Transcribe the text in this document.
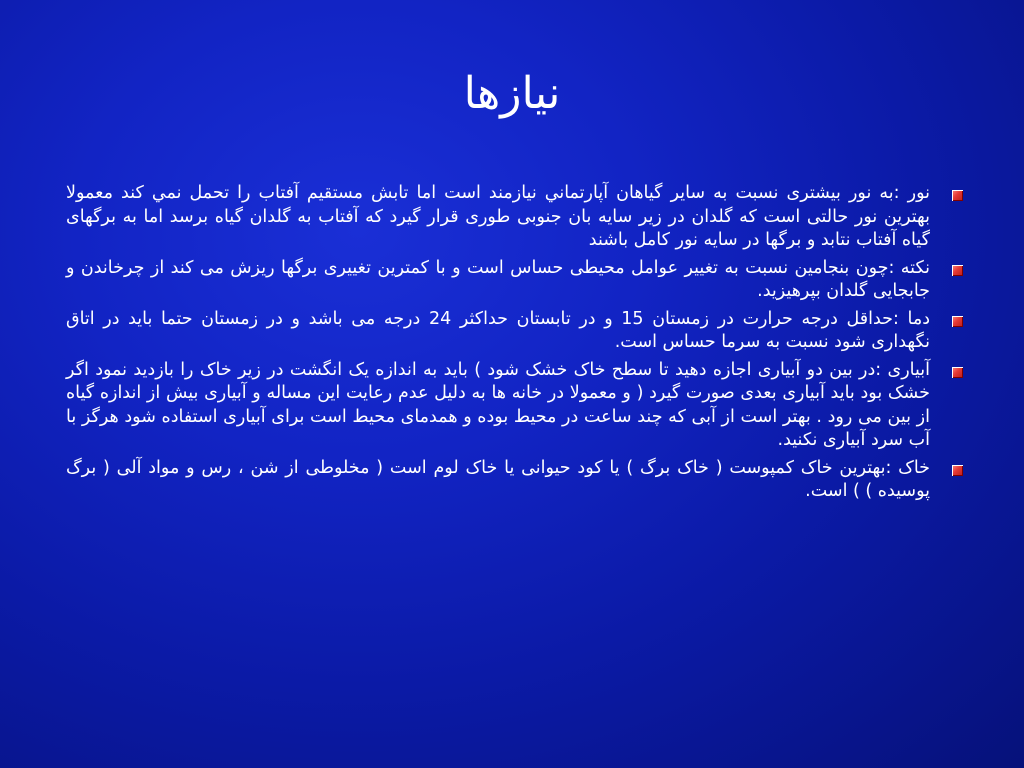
نیازها
نور :به نور بيشتری نسبت به ساير گياهان آپارتماني نيازمند است اما تابش مستقيم آفتاب را تحمل نمي كند معمولا بهترين نور حالتی است كه گلدان در زير سايه بان جنوبی طوری قرار گيرد كه آفتاب به گلدان گياه برسد اما به برگهای گياه آفتاب نتابد و برگها در سايه نور كامل باشند
نكته :چون بنجامين نسبت به تغيير عوامل محيطی حساس است و با كمترين تغييری برگها ريزش می كند از چرخاندن و جابجايی گلدان بپرهيزيد.
دما :حداقل درجه حرارت در زمستان 15 و در تابستان حداكثر 24 درجه می باشد و در زمستان حتما بايد در اتاق نگهداری شود نسبت به سرما حساس است.
آبیاری :در بين دو آبياری اجازه دهيد تا سطح خاک خشک شود ) بايد به اندازه يک انگشت در زير خاک را بازديد نمود اگر خشک بود بايد آبياری بعدی صورت گيرد ( و معمولا در خانه ها به دليل عدم رعايت اين مساله و آبياری بيش از اندازه گياه از بين می رود . بهتر است از آبی كه چند ساعت در محيط بوده و همدمای محيط است برای آبياری استفاده شود هرگز با آب سرد آبياری نكنيد.
خاک :بهترين خاک كمپوست ( خاک برگ ) يا كود حيوانی يا خاک لوم است ( مخلوطی از شن ، رس و مواد آلی ( برگ پوسيده ) ) است.
